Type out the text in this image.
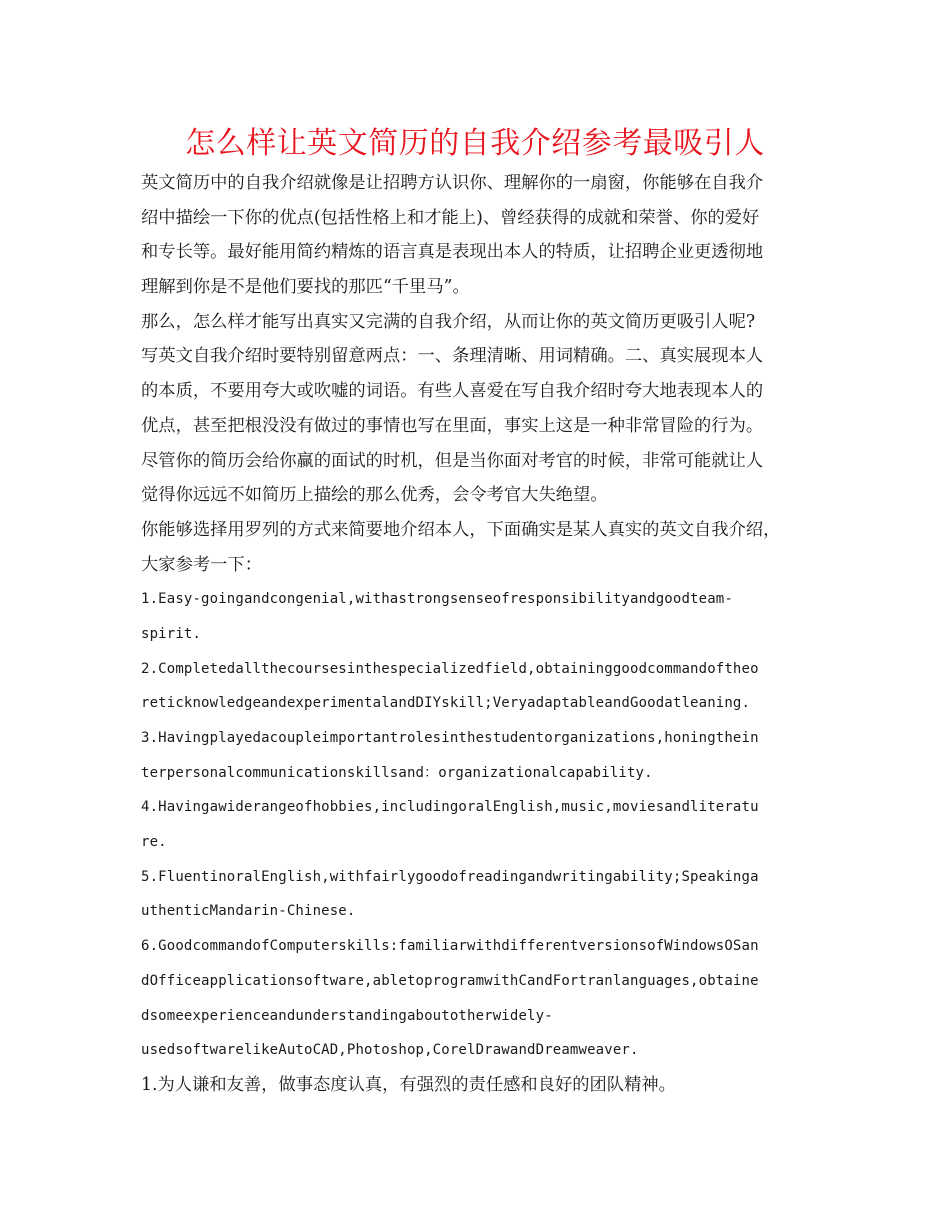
怎么样让英文简历的自我介绍参考最吸引人
英文简历中的自我介绍就像是让招聘方认识你、理解你的一扇窗，你能够在自我介
绍中描绘一下你的优点(包括性格上和才能上)、曾经获得的成就和荣誉、你的爱好
和专长等。最好能用简约精炼的语言真是表现出本人的特质，让招聘企业更透彻地
理解到你是不是他们要找的那匹“千里马”。
那么，怎么样才能写出真实又完满的自我介绍，从而让你的英文简历更吸引人呢?
写英文自我介绍时要特别留意两点：一、条理清晰、用词精确。二、真实展现本人
的本质，不要用夸大或吹嘘的词语。有些人喜爱在写自我介绍时夸大地表现本人的
优点，甚至把根没没有做过的事情也写在里面，事实上这是一种非常冒险的行为。
尽管你的简历会给你赢的面试的时机，但是当你面对考官的时候，非常可能就让人
觉得你远远不如简历上描绘的那么优秀，会令考官大失绝望。
你能够选择用罗列的方式来简要地介绍本人，下面确实是某人真实的英文自我介绍，
大家参考一下：
1.Easy-goingandcongenial,withastrongsenseofresponsibilityandgoodteam-
spirit.
2.Completedallthecoursesinthespecializedfield,obtaininggoodcommandoftheo
reticknowledgeandexperimentalandDIYskill;VeryadaptableandGoodatleaning.
3.Havingplayedacoupleimportantrolesinthestudentorganizations,honingthein
terpersonalcommunicationskillsand：organizationalcapability.
4.Havingawiderangeofhobbies,includingoralEnglish,music,moviesandliteratu
re.
5.FluentinoralEnglish,withfairlygoodofreadingandwritingability;Speakinga
uthenticMandarin-Chinese.
6.GoodcommandofComputerskills:familiarwithdifferentversionsofWindowsOSan
dOfficeapplicationsoftware,abletoprogramwithCandFortranlanguages,obtaine
dsomeexperienceandunderstandingaboutotherwidely-
usedsoftwarelikeAutoCAD,Photoshop,CorelDrawandDreamweaver.
1.为人谦和友善，做事态度认真，有强烈的责任感和良好的团队精神。
